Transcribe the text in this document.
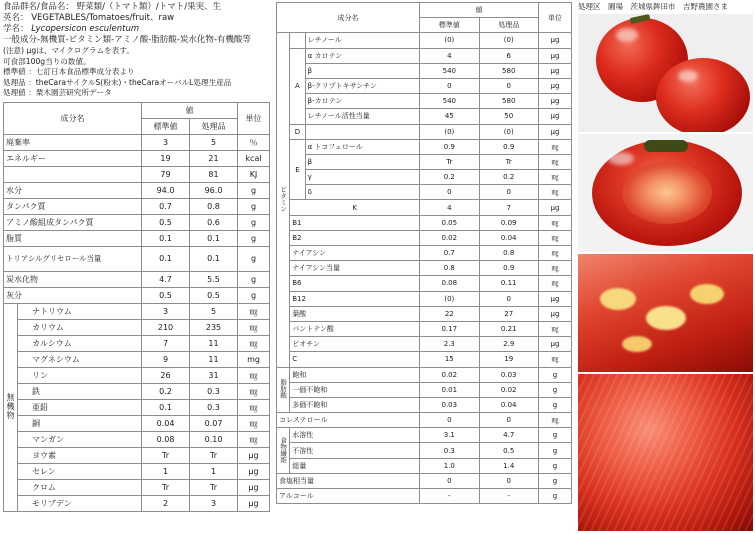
食品群名/食品名： 野菜類/（トマト類）/トマト/果実、生
英名： VEGETABLES/Tomatoes/fruit、raw
学名： Lycopersicon esculentum
一般成分-無機質-ビタミン類-アミノ酸-脂肪酸-炭水化物-有機酸等
(注意) μgは、マイクログラムを表す。
可食部100g当りの数値。
標準値 ：七訂日本食品標準成分表より
処理品 ：theCaraサイクルS(粉末)・theCaraオーバルL処理生産品
処理値 ：栗木園芸研究所データ
成分名		値		単位
		標準値	処理品	
廃棄率		3	5	％
エネルギー		19	21	kcal
		79	81	KJ
水分		94.0	96.0	g
タンパク質		0.7	0.8	g
アミノ酸組成タンパク質		0.5	0.6	g
脂質		0.1	0.1	g
トリアシルグリセロール当量		0.1	0.1	g
炭水化物		4.7	5.5	g
灰分		0.5	0.5	g
無機物	ナトリウム	3	5	㎎
	カリウム	210	235	㎎
	カルシウム	7	11	㎎
	マグネシウム	9	11	mg
	リン	26	31	㎎
	鉄	0.2	0.3	㎎
	亜鉛	0.1	0.3	㎎
	銅	0.04	0.07	㎎
	マンガン	0.08	0.10	㎎
	ヨウ素	Tr	Tr	μg
	セレン	1	1	μg
	クロム	Tr	Tr	μg
	モリブデン	2	3	μg
成分名			値		単位
			標準値	処理品	
ビタミン		レチノール	(0)	(0)	μg
	A	α カロテン	4	6	μg
		β	540	580	μg
		β-クリプトキサンチン	0	0	μg
		β-カロテン	540	580	μg
		レチノール活性当量	45	50	μg
	D		(0)	(0)	μg
	E	α トコフェロール	0.9	0.9	㎎
		β	Tr	Tr	㎎
		γ	0.2	0.2	㎎
		δ	0	0	㎎
	K		4	7	μg
	B1		0.05	0.09	㎎
	B2		0.02	0.04	㎎
	ナイアシン		0.7	0.8	㎎
	ナイアシン当量		0.8	0.9	㎎
	B6		0.08	0.11	㎎
	B12		(0)	0	μg
	葉酸		22	27	μg
	パントテン酸		0.17	0.21	㎎
	ビオチン		2.3	2.9	μg
	C		15	19	㎎
脂肪酸	飽和		0.02	0.03	g
	一価不飽和		0.01	0.02	g
	多価不飽和		0.03	0.04	g
コレステロール			0	0	㎎
食物繊維	水溶性		3.1	4.7	g
	不溶性		0.3	0.5	g
	総量		1.0	1.4	g
食塩相当量			0	0	g
アルコール			-	-	g
処理区　圃場　茨城県鉾田市　吉野農園さま
